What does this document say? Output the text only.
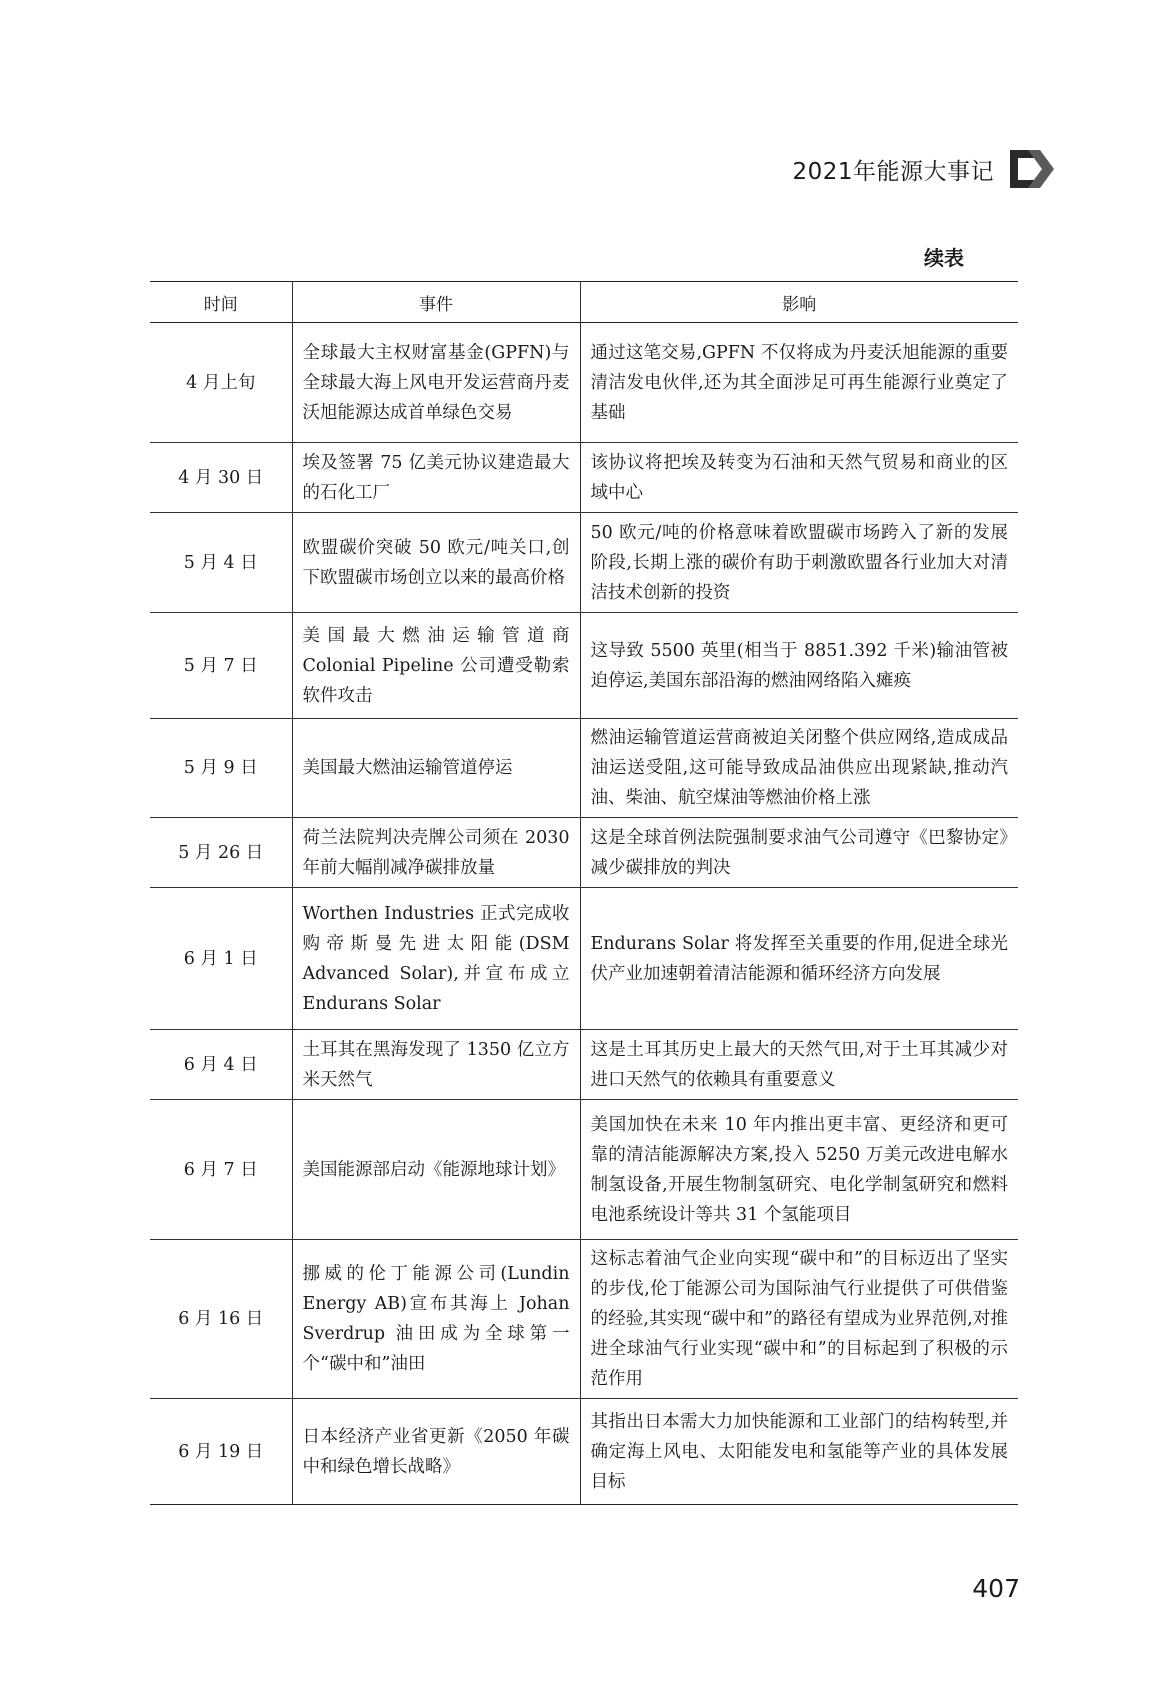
2021年能源大事记
续表
时间	事件	影响
4 月上旬	全球最大主权财富基金(GPFN)与全球最大海上风电开发运营商丹麦沃旭能源达成首单绿色交易	通过这笔交易,GPFN 不仅将成为丹麦沃旭能源的重要清洁发电伙伴,还为其全面涉足可再生能源行业奠定了基础
4 月 30 日	埃及签署 75 亿美元协议建造最大的石化工厂	该协议将把埃及转变为石油和天然气贸易和商业的区域中心
5 月 4 日	欧盟碳价突破 50 欧元/吨关口,创下欧盟碳市场创立以来的最高价格	50 欧元/吨的价格意味着欧盟碳市场跨入了新的发展阶段,长期上涨的碳价有助于刺激欧盟各行业加大对清洁技术创新的投资
5 月 7 日	美国最大燃油运输管道商 Colonial Pipeline 公司遭受勒索软件攻击	这导致 5500 英里(相当于 8851.392 千米)输油管被迫停运,美国东部沿海的燃油网络陷入瘫痪
5 月 9 日	美国最大燃油运输管道停运	燃油运输管道运营商被迫关闭整个供应网络,造成成品油运送受阻,这可能导致成品油供应出现紧缺,推动汽油、柴油、航空煤油等燃油价格上涨
5 月 26 日	荷兰法院判决壳牌公司须在 2030 年前大幅削减净碳排放量	这是全球首例法院强制要求油气公司遵守《巴黎协定》减少碳排放的判决
6 月 1 日	Worthen Industries 正式完成收购帝斯曼先进太阳能(DSM Advanced Solar),并宣布成立 Endurans Solar	Endurans Solar 将发挥至关重要的作用,促进全球光伏产业加速朝着清洁能源和循环经济方向发展
6 月 4 日	土耳其在黑海发现了 1350 亿立方米天然气	这是土耳其历史上最大的天然气田,对于土耳其减少对进口天然气的依赖具有重要意义
6 月 7 日	美国能源部启动《能源地球计划》	美国加快在未来 10 年内推出更丰富、更经济和更可靠的清洁能源解决方案,投入 5250 万美元改进电解水制氢设备,开展生物制氢研究、电化学制氢研究和燃料电池系统设计等共 31 个氢能项目
6 月 16 日	挪威的伦丁能源公司(Lundin Energy AB)宣布其海上 Johan Sverdrup 油田成为全球第一个“碳中和”油田	这标志着油气企业向实现“碳中和”的目标迈出了坚实的步伐,伦丁能源公司为国际油气行业提供了可供借鉴的经验,其实现“碳中和”的路径有望成为业界范例,对推进全球油气行业实现“碳中和”的目标起到了积极的示范作用
6 月 19 日	日本经济产业省更新《2050 年碳中和绿色增长战略》	其指出日本需大力加快能源和工业部门的结构转型,并确定海上风电、太阳能发电和氢能等产业的具体发展目标
407
